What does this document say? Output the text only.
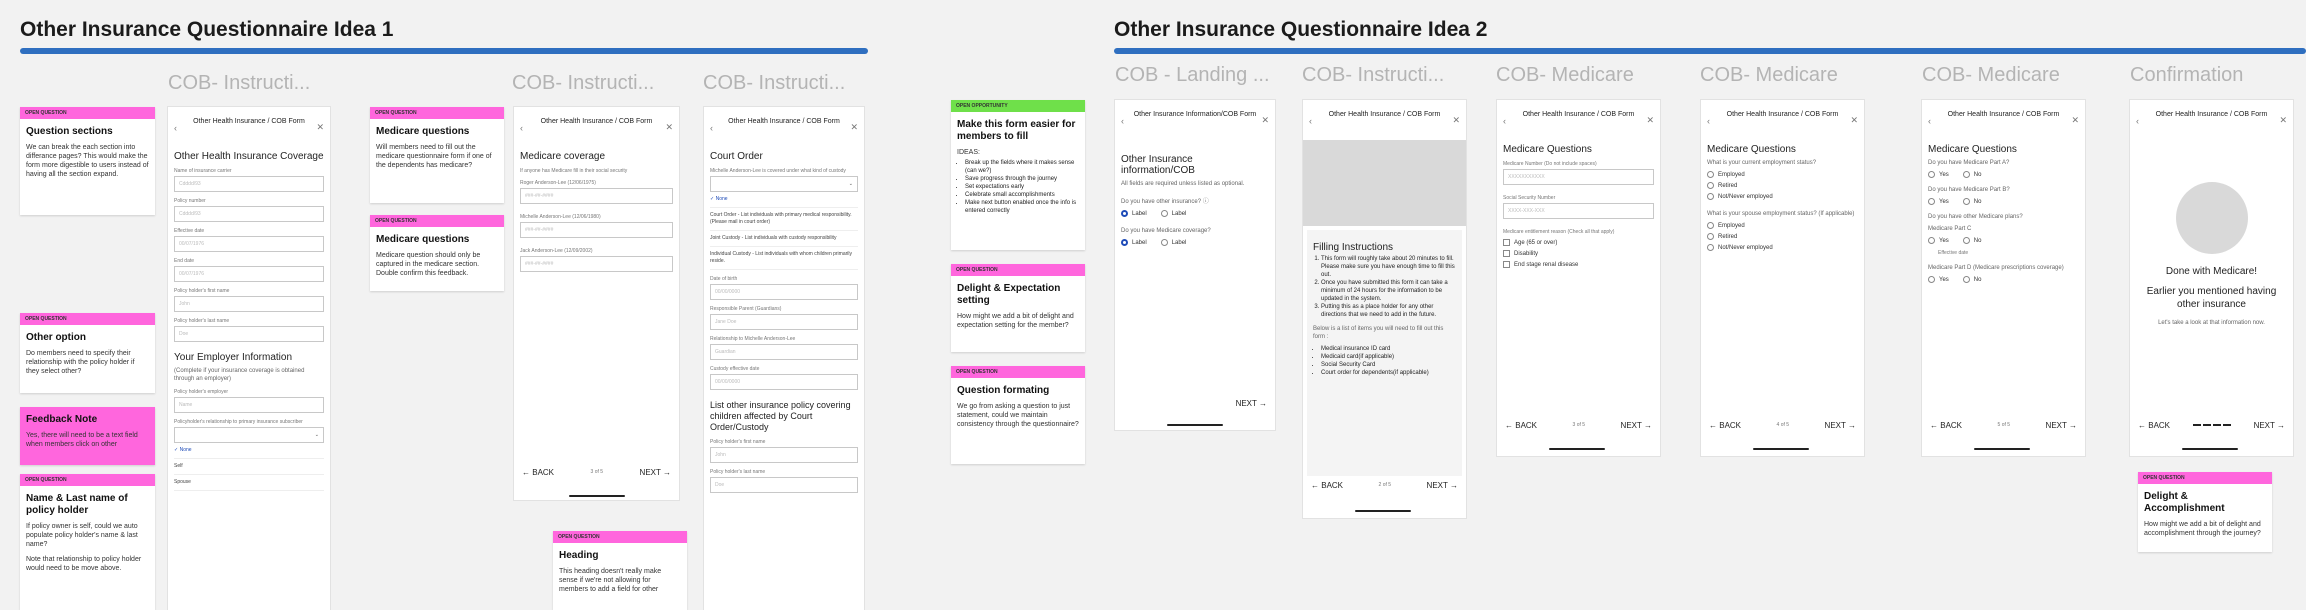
Other Insurance Questionnaire Idea 1
COB- Instructi...	COB- Instructi... COB- Instructi...
OPEN QUESTION
Question sections
We can break the each section into differance pages? This would make the form more digestible to users instead of having all the section expand.
OPEN QUESTION
Other option
Do members need to specify their relationship with the policy holder if they select other?
Feedback Note
Yes, there will need to be a text field when members click on other
OPEN QUESTION
Name & Last name of policy holder
If policy owner is self, could we auto populate policy holder's name & last name?
Note that relationship to policy holder would need to be move above.
‹
Other Health Insurance / COB Form
✕
Other Health Insurance Coverage
Name of insurance carrier
Cdddd/93
Policy number
Cdddd/93
Effective date
00/07/1976
End date
00/07/1976
Policy holder's first name
John
Policy holder's last name
Doe
Your Employer Information
(Complete if your insurance coverage is obtained through an employer)
Policy holder's employer
Name
Policyholder's relationship to primary insurance subscriber
⌄
✓ None
Self
Spouse
OPEN QUESTION
Medicare questions
Will members need to fill out the medicare questionnaire form if one of the dependents has medicare?
OPEN QUESTION
Medicare questions
Medicare question should only be captured in the medicare section. Double confirm this feedback.
‹
Other Health Insurance / COB Form
✕
Medicare coverage
If anyone has Medicare fill in their social security
Roger Anderson-Lee (12/06/1975)
###-##-####
Michelle Anderson-Lee (12/06/1980)
###-##-####
Jack Anderson-Lee (12/09/2002)
###-##-####
← BACK	3 of 5	NEXT →
‹
Other Health Insurance / COB Form
✕
Court Order
Michelle Anderson-Lee is covered under what kind of custody
⌄
✓ None
Court Order - List individuals with primary medical responsibility. (Please mail in court order)
Joint Custody - List individuals with custody responsibility
Individual Custody - List individuals with whom children primarily reside.
Date of birth
00/00/0000
Responsible Parent (Guardians)
Jane Doe
Relationship to Michelle Anderson-Lee
Guardian
Custody effective date
00/00/0000
List other insurance policy covering children affected by Court Order/Custody
Policy holder's first name
John
Policy holder's last name
Doe
OPEN QUESTION
Heading
This heading doesn't really make sense if we're not allowing for members to add a field for other
Other Insurance Questionnaire Idea 2
COB - Landing ... COB- Instructi...	COB- Medicare	COB- Medicare	COB- Medicare	Confirmation
OPEN OPPORTUNITY
Make this form easier for members to fill
IDEAS:
• Break up the fields where it makes sense (can we?)
• Save progress through the journey
• Set expectations early
• Celebrate small accomplishments
• Make next button enabled once the info is entered correctly
OPEN QUESTION
Delight & Expectation setting
How might we add a bit of delight and expectation setting for the member?
OPEN QUESTION
Question formating
We go from asking a question to just statement, could we maintain consistency through the questionnaire?
‹
Other Insurance Information/COB Form
✕
Other Insurance information/COB
All fields are required unless listed as optional.
Do you have other insurance? ⓘ
Label	Label
Do you have Medicare coverage?
Label	Label
NEXT →
‹
Other Health Insurance / COB Form
✕
Filling Instructions
1. This form will roughly take about 20 minutes to fill. Please make sure you have enough time to fill this out.
2. Once you have submitted this form it can take a minimum of 24 hours for the information to be updated in the system.
3. Putting this as a place holder for any other directions that we need to add in the future.
Below is a list of items you will need to fill out this form :
• Medical insurance ID card
• Medicaid card(if applicable)
• Social Security Card
• Court order for dependents(if applicable)
← BACK	2 of 5	NEXT →
‹
Other Health Insurance / COB Form
✕
Medicare Questions
Medicare Number (Do not include spaces)
XXXXXXXXXXX
Social Security Number
XXXX-XXX-XXX
Medicare entitlement reason (Check all that apply)
Age (65 or over)
Disability
End stage renal disease
← BACK	3 of 5	NEXT →
‹
Other Health Insurance / COB Form
✕
Medicare Questions
What is your current employment status?
Employed
Retired
Not/Never employed
What is your spouse employment status? (If applicable)
Employed
Retired
Not/Never employed
← BACK	4 of 5	NEXT →
‹
Other Health Insurance / COB Form
✕
Medicare Questions
Do you have Medicare Part A?
Yes	No
Do you have Medicare Part B?
Yes	No
Do you have other Medicare plans?
Medicare Part C
Yes	No
Effective date
Medicare Part D (Medicare prescriptions coverage)
Yes	No
← BACK	5 of 5	NEXT →
‹
Other Health Insurance / COB Form
✕
Done with Medicare!
Earlier you mentioned having other insurance
Let's take a look at that information now.
← BACK	NEXT →
OPEN QUESTION
Delight & Accomplishment
How might we add a bit of delight and accomplishment through the journey?
